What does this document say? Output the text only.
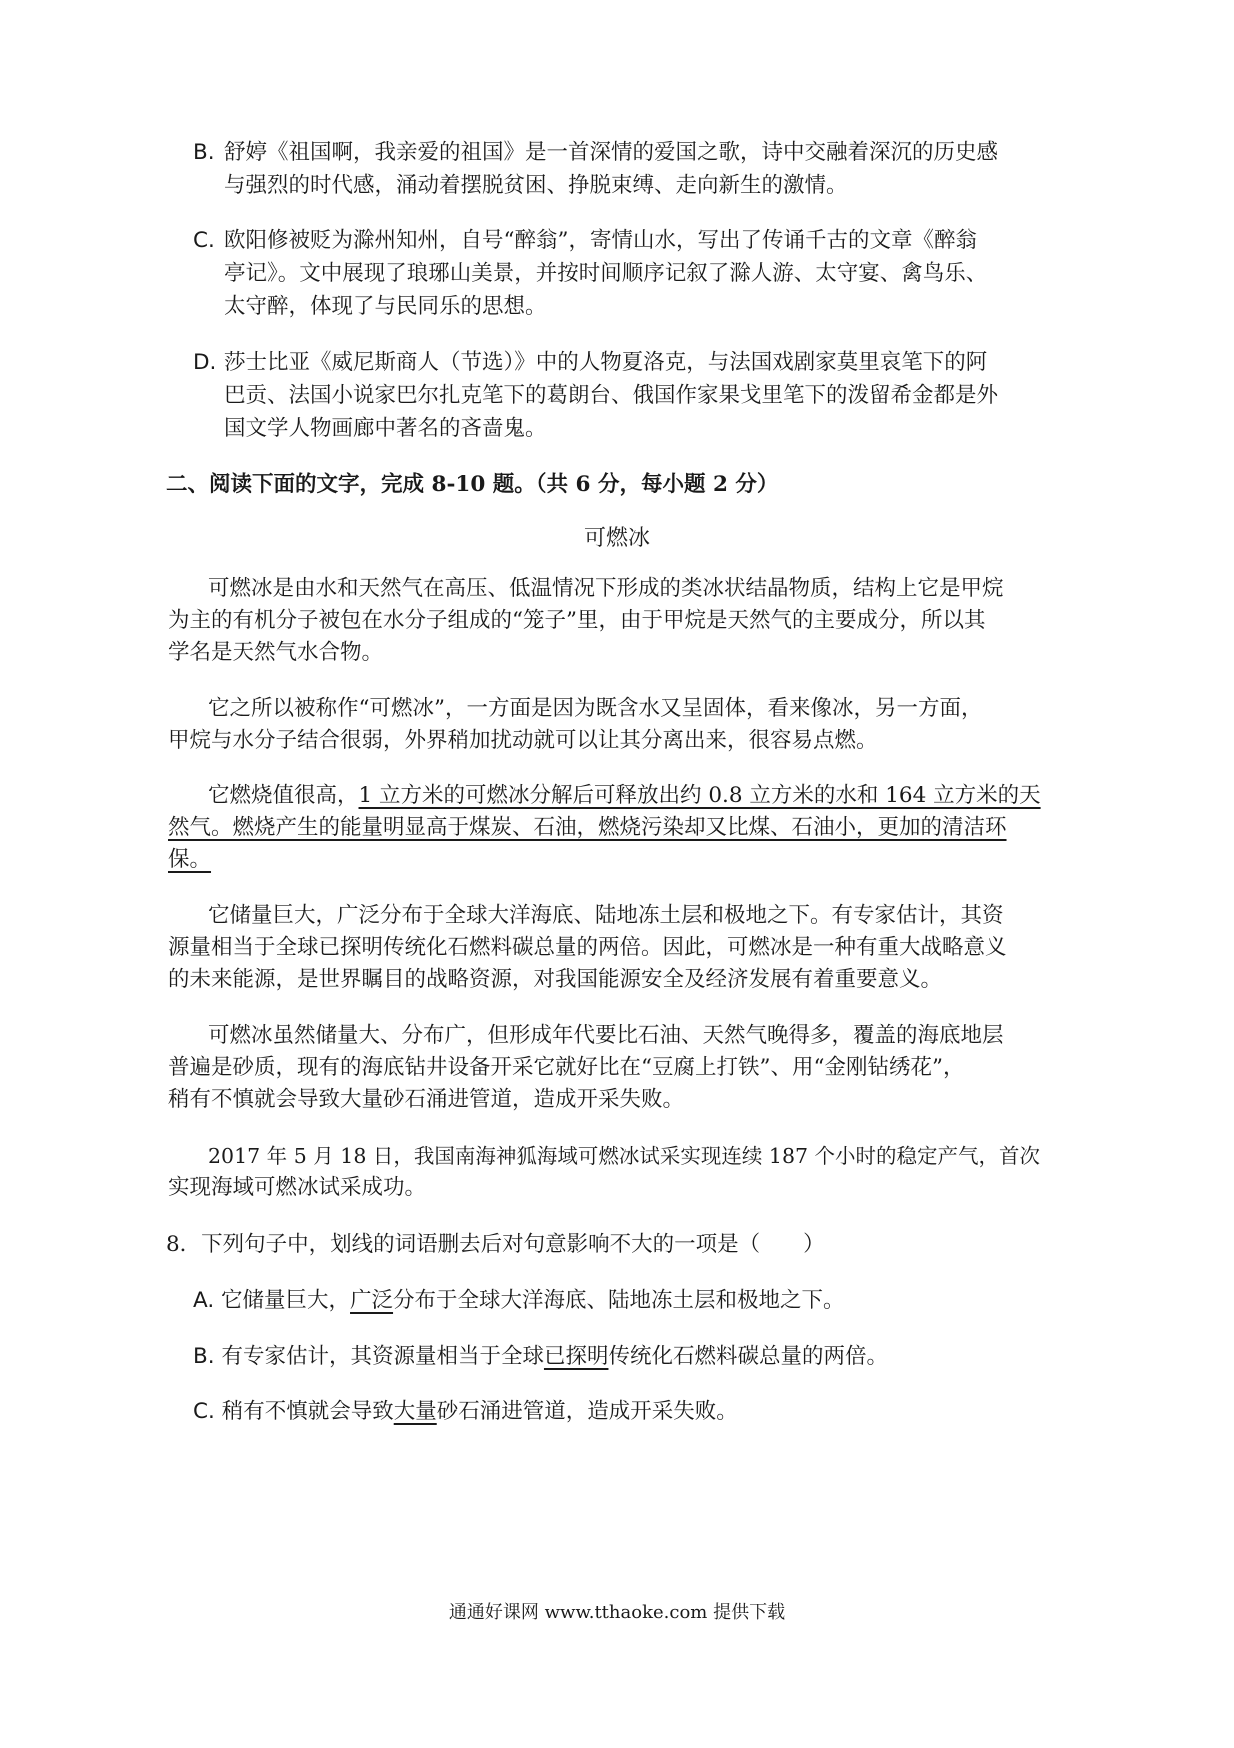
B. 舒婷《祖国啊，我亲爱的祖国》是一首深情的爱国之歌，诗中交融着深沉的历史感
与强烈的时代感，涌动着摆脱贫困、挣脱束缚、走向新生的激情。
C. 欧阳修被贬为滁州知州，自号“醉翁”，寄情山水，写出了传诵千古的文章《醉翁
亭记》。文中展现了琅琊山美景，并按时间顺序记叙了滁人游、太守宴、禽鸟乐、
太守醉，体现了与民同乐的思想。
D. 莎士比亚《威尼斯商人（节选）》中的人物夏洛克，与法国戏剧家莫里哀笔下的阿
巴贡、法国小说家巴尔扎克笔下的葛朗台、俄国作家果戈里笔下的泼留希金都是外
国文学人物画廊中著名的吝啬鬼。
二、阅读下面的文字，完成 8-10 题。（共 6 分，每小题 2 分）
可燃冰
可燃冰是由水和天然气在高压、低温情况下形成的类冰状结晶物质，结构上它是甲烷
为主的有机分子被包在水分子组成的“笼子”里，由于甲烷是天然气的主要成分，所以其
学名是天然气水合物。
它之所以被称作“可燃冰”，一方面是因为既含水又呈固体，看来像冰，另一方面，
甲烷与水分子结合很弱，外界稍加扰动就可以让其分离出来，很容易点燃。
它燃烧值很高，1 立方米的可燃冰分解后可释放出约 0.8 立方米的水和 164 立方米的天
然气。燃烧产生的能量明显高于煤炭、石油，燃烧污染却又比煤、石油小，更加的清洁环
保。
它储量巨大，广泛分布于全球大洋海底、陆地冻土层和极地之下。有专家估计，其资
源量相当于全球已探明传统化石燃料碳总量的两倍。因此，可燃冰是一种有重大战略意义
的未来能源，是世界瞩目的战略资源，对我国能源安全及经济发展有着重要意义。
可燃冰虽然储量大、分布广，但形成年代要比石油、天然气晚得多，覆盖的海底地层
普遍是砂质，现有的海底钻井设备开采它就好比在“豆腐上打铁”、用“金刚钻绣花”，
稍有不慎就会导致大量砂石涌进管道，造成开采失败。
2017 年 5 月 18 日，我国南海神狐海域可燃冰试采实现连续 187 个小时的稳定产气，首次
实现海域可燃冰试采成功。
8．下列句子中，划线的词语删去后对句意影响不大的一项是（　　）
A. 它储量巨大，广泛分布于全球大洋海底、陆地冻土层和极地之下。
B. 有专家估计，其资源量相当于全球已探明传统化石燃料碳总量的两倍。
C. 稍有不慎就会导致大量砂石涌进管道，造成开采失败。
通通好课网 www.tthaoke.com 提供下载
